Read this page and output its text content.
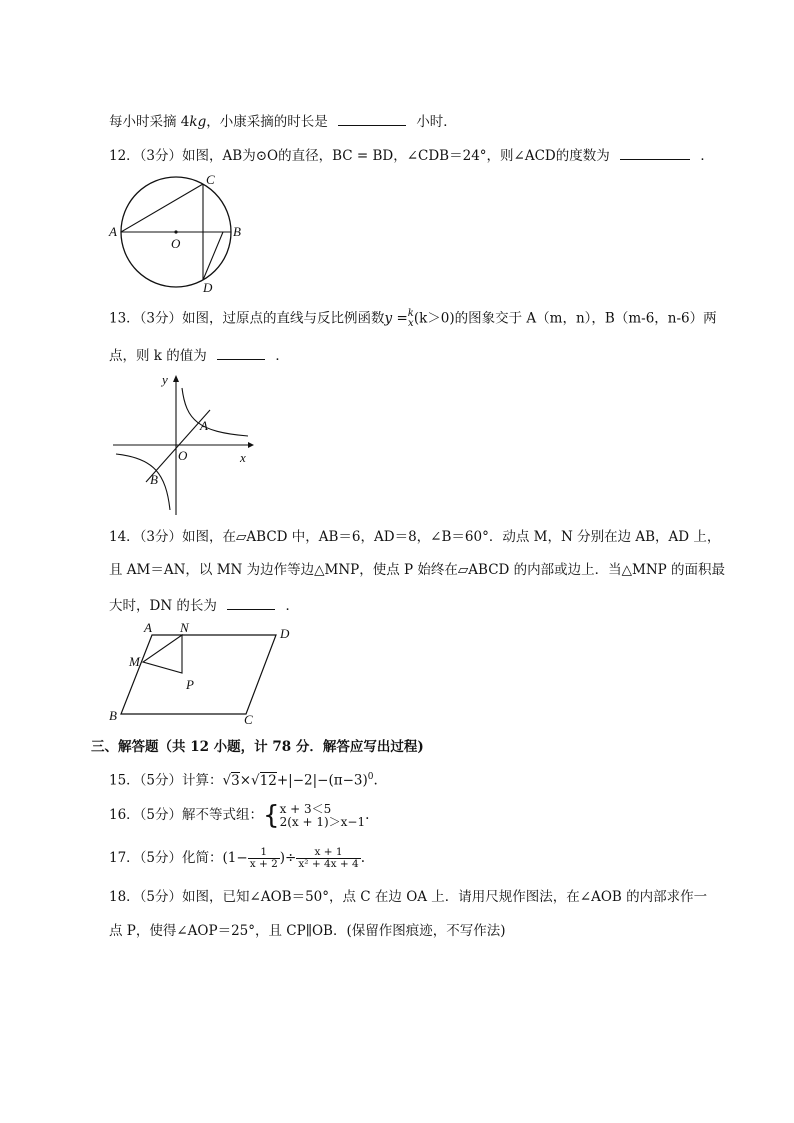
每小时采摘 4kg，小康采摘的时长是	小时．
12．（3分）如图，AB为⊙O的直径，BC = BD，∠CDB＝24°，则∠ACD的度数为	．
A	B
C
D
O
13．（3分）如图，过原点的直线与反比例函数y = k
x (k＞0)的图象交于 A（m，n），B（m-6，n-6）两
点，则 k 的值为	．
A
B
O	x
y
14．（3分）如图，在▱ABCD 中，AB＝6，AD＝8，∠B＝60°．动点 M，N 分别在边 AB，AD 上，
且 AM＝AN，以 MN 为边作等边△MNP，使点 P 始终在▱ABCD 的内部或边上．当△MNP 的面积最
大时，DN 的长为	．
A N	D
M
P
B	C
三、解答题（共 12 小题，计 78 分．解答应写出过程)
15．（5分）计算：$√3\times√12+|-2|-(\pi-3)^0$.
16．（5分）解不等式组：{ x + 3＜5
2(x + 1)＞x−1 .
17．（5分）化简：($1- \frac{1}{x + 2}$ )÷ $\frac{x + 1}{\text{x² + 4x + 4}}$ .
18．（5分）如图，已知∠AOB＝50°，点 C 在边 OA 上．请用尺规作图法，在∠AOB 的内部求作一
点 P，使得∠AOP＝25°，且 CP∥OB．(保留作图痕迹，不写作法)
